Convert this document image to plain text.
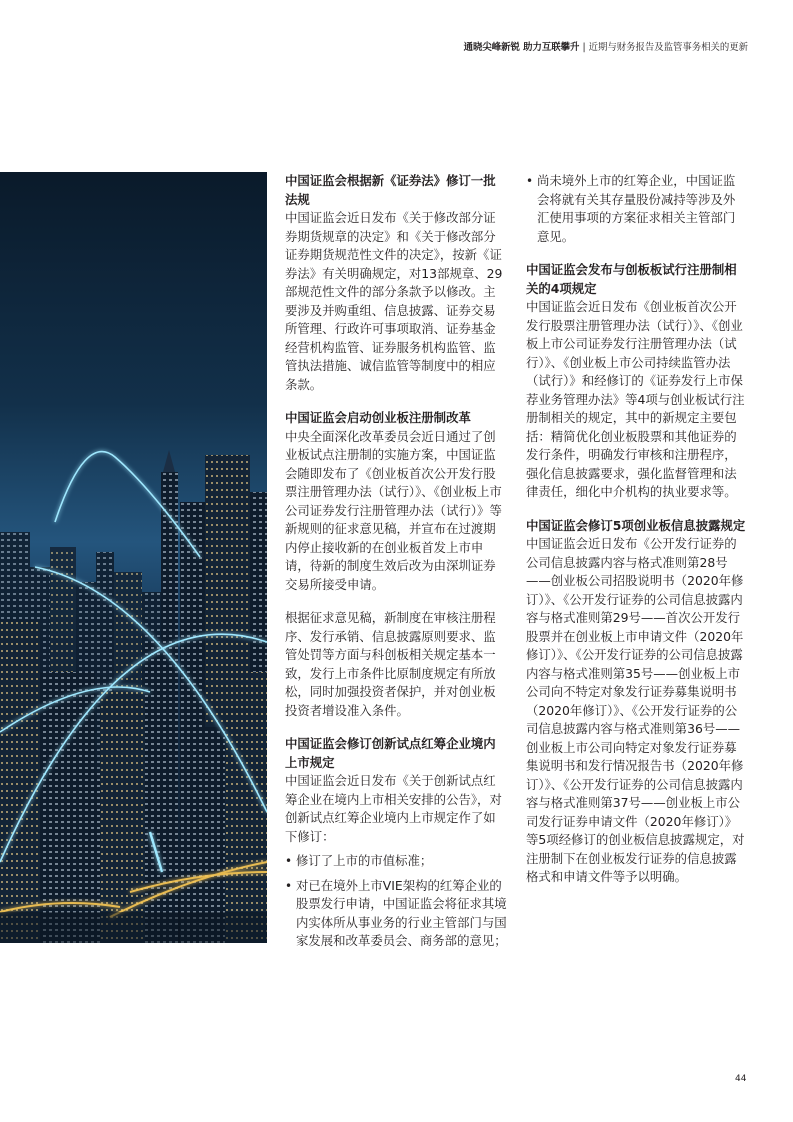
通晓尖峰新锐 助力互联攀升 | 近期与财务报告及监管事务相关的更新

中国证监会根据新《证券法》修订一批法规

中国证监会近日发布《关于修改部分证券期货规章的决定》和《关于修改部分证券期货规范性文件的决定》，按新《证券法》有关明确规定，对13部规章、29部规范性文件的部分条款予以修改。主要涉及并购重组、信息披露、证券交易所管理、行政许可事项取消、证券基金经营机构监管、证券服务机构监管、监管执法措施、诚信监管等制度中的相应条款。

中国证监会启动创业板注册制改革

中央全面深化改革委员会近日通过了创业板试点注册制的实施方案，中国证监会随即发布了《创业板首次公开发行股票注册管理办法（试行）》、《创业板上市公司证券发行注册管理办法（试行）》等新规则的征求意见稿，并宣布在过渡期内停止接收新的在创业板首发上市申请，待新的制度生效后改为由深圳证券交易所接受申请。

根据征求意见稿，新制度在审核注册程序、发行承销、信息披露原则要求、监管处罚等方面与科创板相关规定基本一致，发行上市条件比原制度规定有所放松，同时加强投资者保护，并对创业板投资者增设准入条件。

中国证监会修订创新试点红筹企业境内上市规定

中国证监会近日发布《关于创新试点红筹企业在境内上市相关安排的公告》，对创新试点红筹企业境内上市规定作了如下修订：

• 修订了上市的市值标准；
• 对已在境外上市VIE架构的红筹企业的股票发行申请，中国证监会将征求其境内实体所从事业务的行业主管部门与国家发展和改革委员会、商务部的意见；
• 尚未境外上市的红筹企业，中国证监会将就有关其存量股份减持等涉及外汇使用事项的方案征求相关主管部门意见。

中国证监会发布与创板板试行注册制相关的4项规定

中国证监会近日发布《创业板首次公开发行股票注册管理办法（试行）》、《创业板上市公司证券发行注册管理办法（试行）》、《创业板上市公司持续监管办法（试行）》和经修订的《证券发行上市保荐业务管理办法》等4项与创业板试行注册制相关的规定，其中的新规定主要包括：精简优化创业板股票和其他证券的发行条件，明确发行审核和注册程序，强化信息披露要求，强化监督管理和法律责任，细化中介机构的执业要求等。

中国证监会修订5项创业板信息披露规定

中国证监会近日发布《公开发行证券的公司信息披露内容与格式准则第28号——创业板公司招股说明书（2020年修订）》、《公开发行证券的公司信息披露内容与格式准则第29号——首次公开发行股票并在创业板上市申请文件（2020年修订）》、《公开发行证券的公司信息披露内容与格式准则第35号——创业板上市公司向不特定对象发行证券募集说明书（2020年修订）》、《公开发行证券的公司信息披露内容与格式准则第36号——创业板上市公司向特定对象发行证券募集说明书和发行情况报告书（2020年修订）》、《公开发行证券的公司信息披露内容与格式准则第37号——创业板上市公司发行证券申请文件（2020年修订）》等5项经修订的创业板信息披露规定，对注册制下在创业板发行证券的信息披露格式和申请文件等予以明确。

44
